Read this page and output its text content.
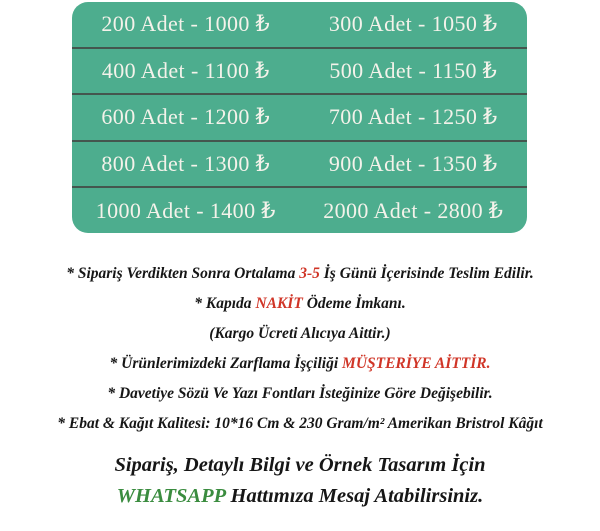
200 Adet - 1000 ₺	300 Adet - 1050 ₺
400 Adet - 1100 ₺	500 Adet - 1150 ₺
600 Adet - 1200 ₺	700 Adet - 1250 ₺
800 Adet - 1300 ₺	900 Adet - 1350 ₺
1000 Adet - 1400 ₺	2000 Adet - 2800 ₺

* Sipariş Verdikten Sonra Ortalama 3-5 İş Günü İçerisinde Teslim Edilir.

* Kapıda NAKİT Ödeme İmkanı.

(Kargo Ücreti Alıcıya Aittir.)

* Ürünlerimizdeki Zarflama İşçiliği MÜŞTERİYE AİTTİR.

* Davetiye Sözü Ve Yazı Fontları İsteğinize Göre Değişebilir.

* Ebat & Kağıt Kalitesi: 10*16 Cm & 230 Gram/m² Amerikan Bristrol Kâğıt

Sipariş, Detaylı Bilgi ve Örnek Tasarım İçin

WHATSAPP Hattımıza Mesaj Atabilirsiniz.
